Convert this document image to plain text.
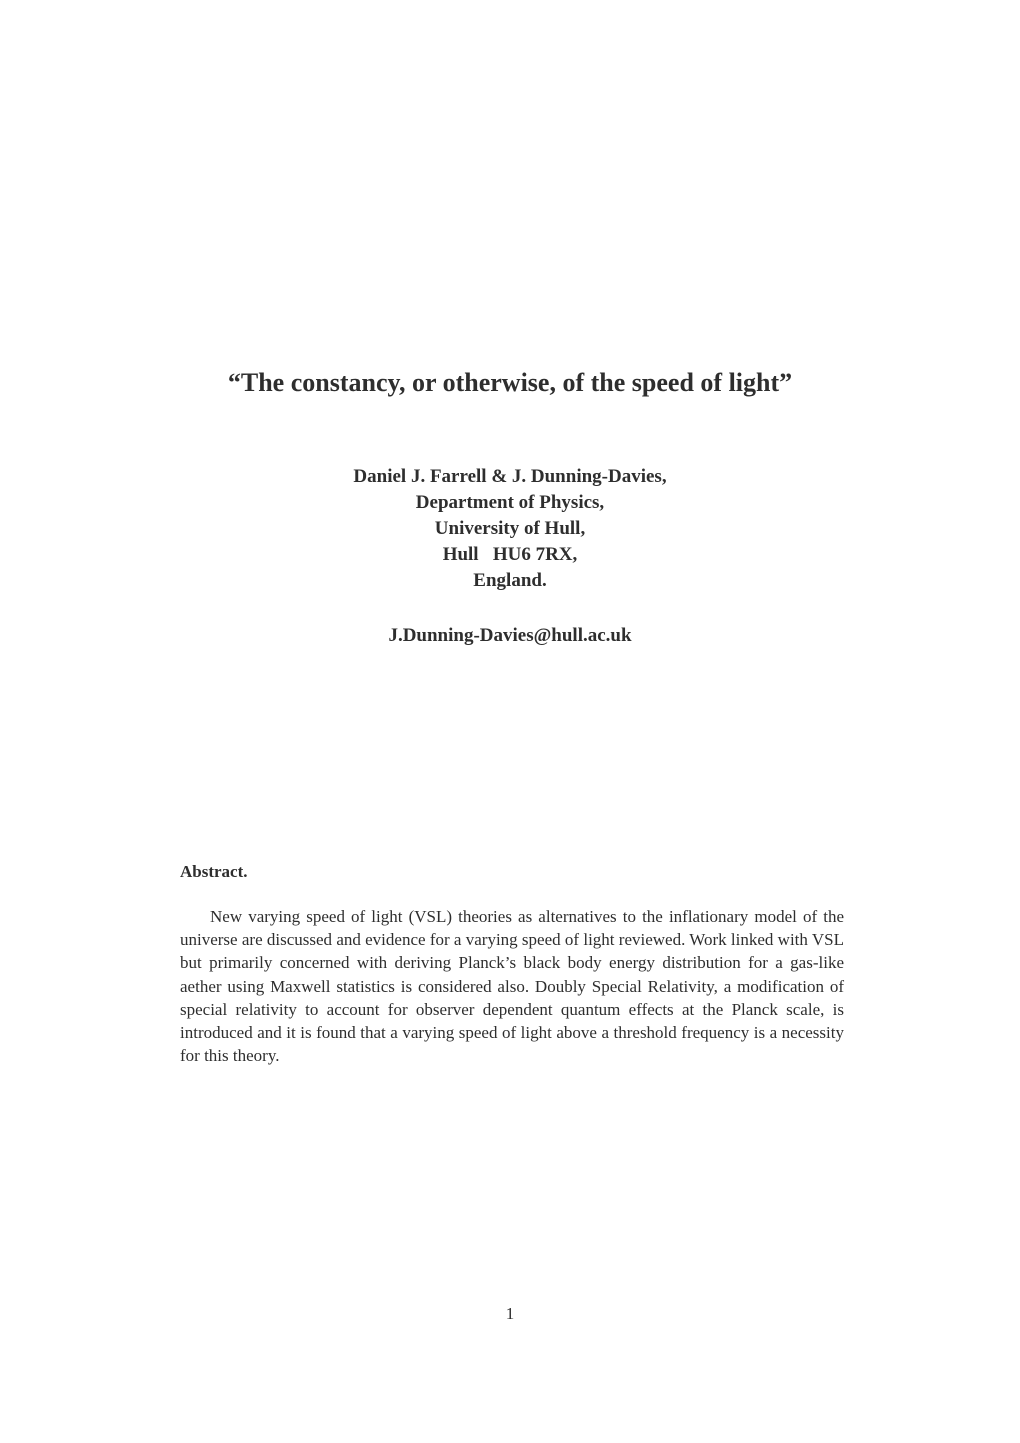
“The constancy, or otherwise, of the speed of light”
Daniel J. Farrell & J. Dunning-Davies,
Department of Physics,
University of Hull,
Hull   HU6 7RX,
England.
J.Dunning-Davies@hull.ac.uk
Abstract.

New varying speed of light (VSL) theories as alternatives to the inflationary model of the universe are discussed and evidence for a varying speed of light reviewed. Work linked with VSL but primarily concerned with deriving Planck’s black body energy distribution for a gas-like aether using Maxwell statistics is considered also. Doubly Special Relativity, a modification of special relativity to account for observer dependent quantum effects at the Planck scale, is introduced and it is found that a varying speed of light above a threshold frequency is a necessity for this theory.

1
